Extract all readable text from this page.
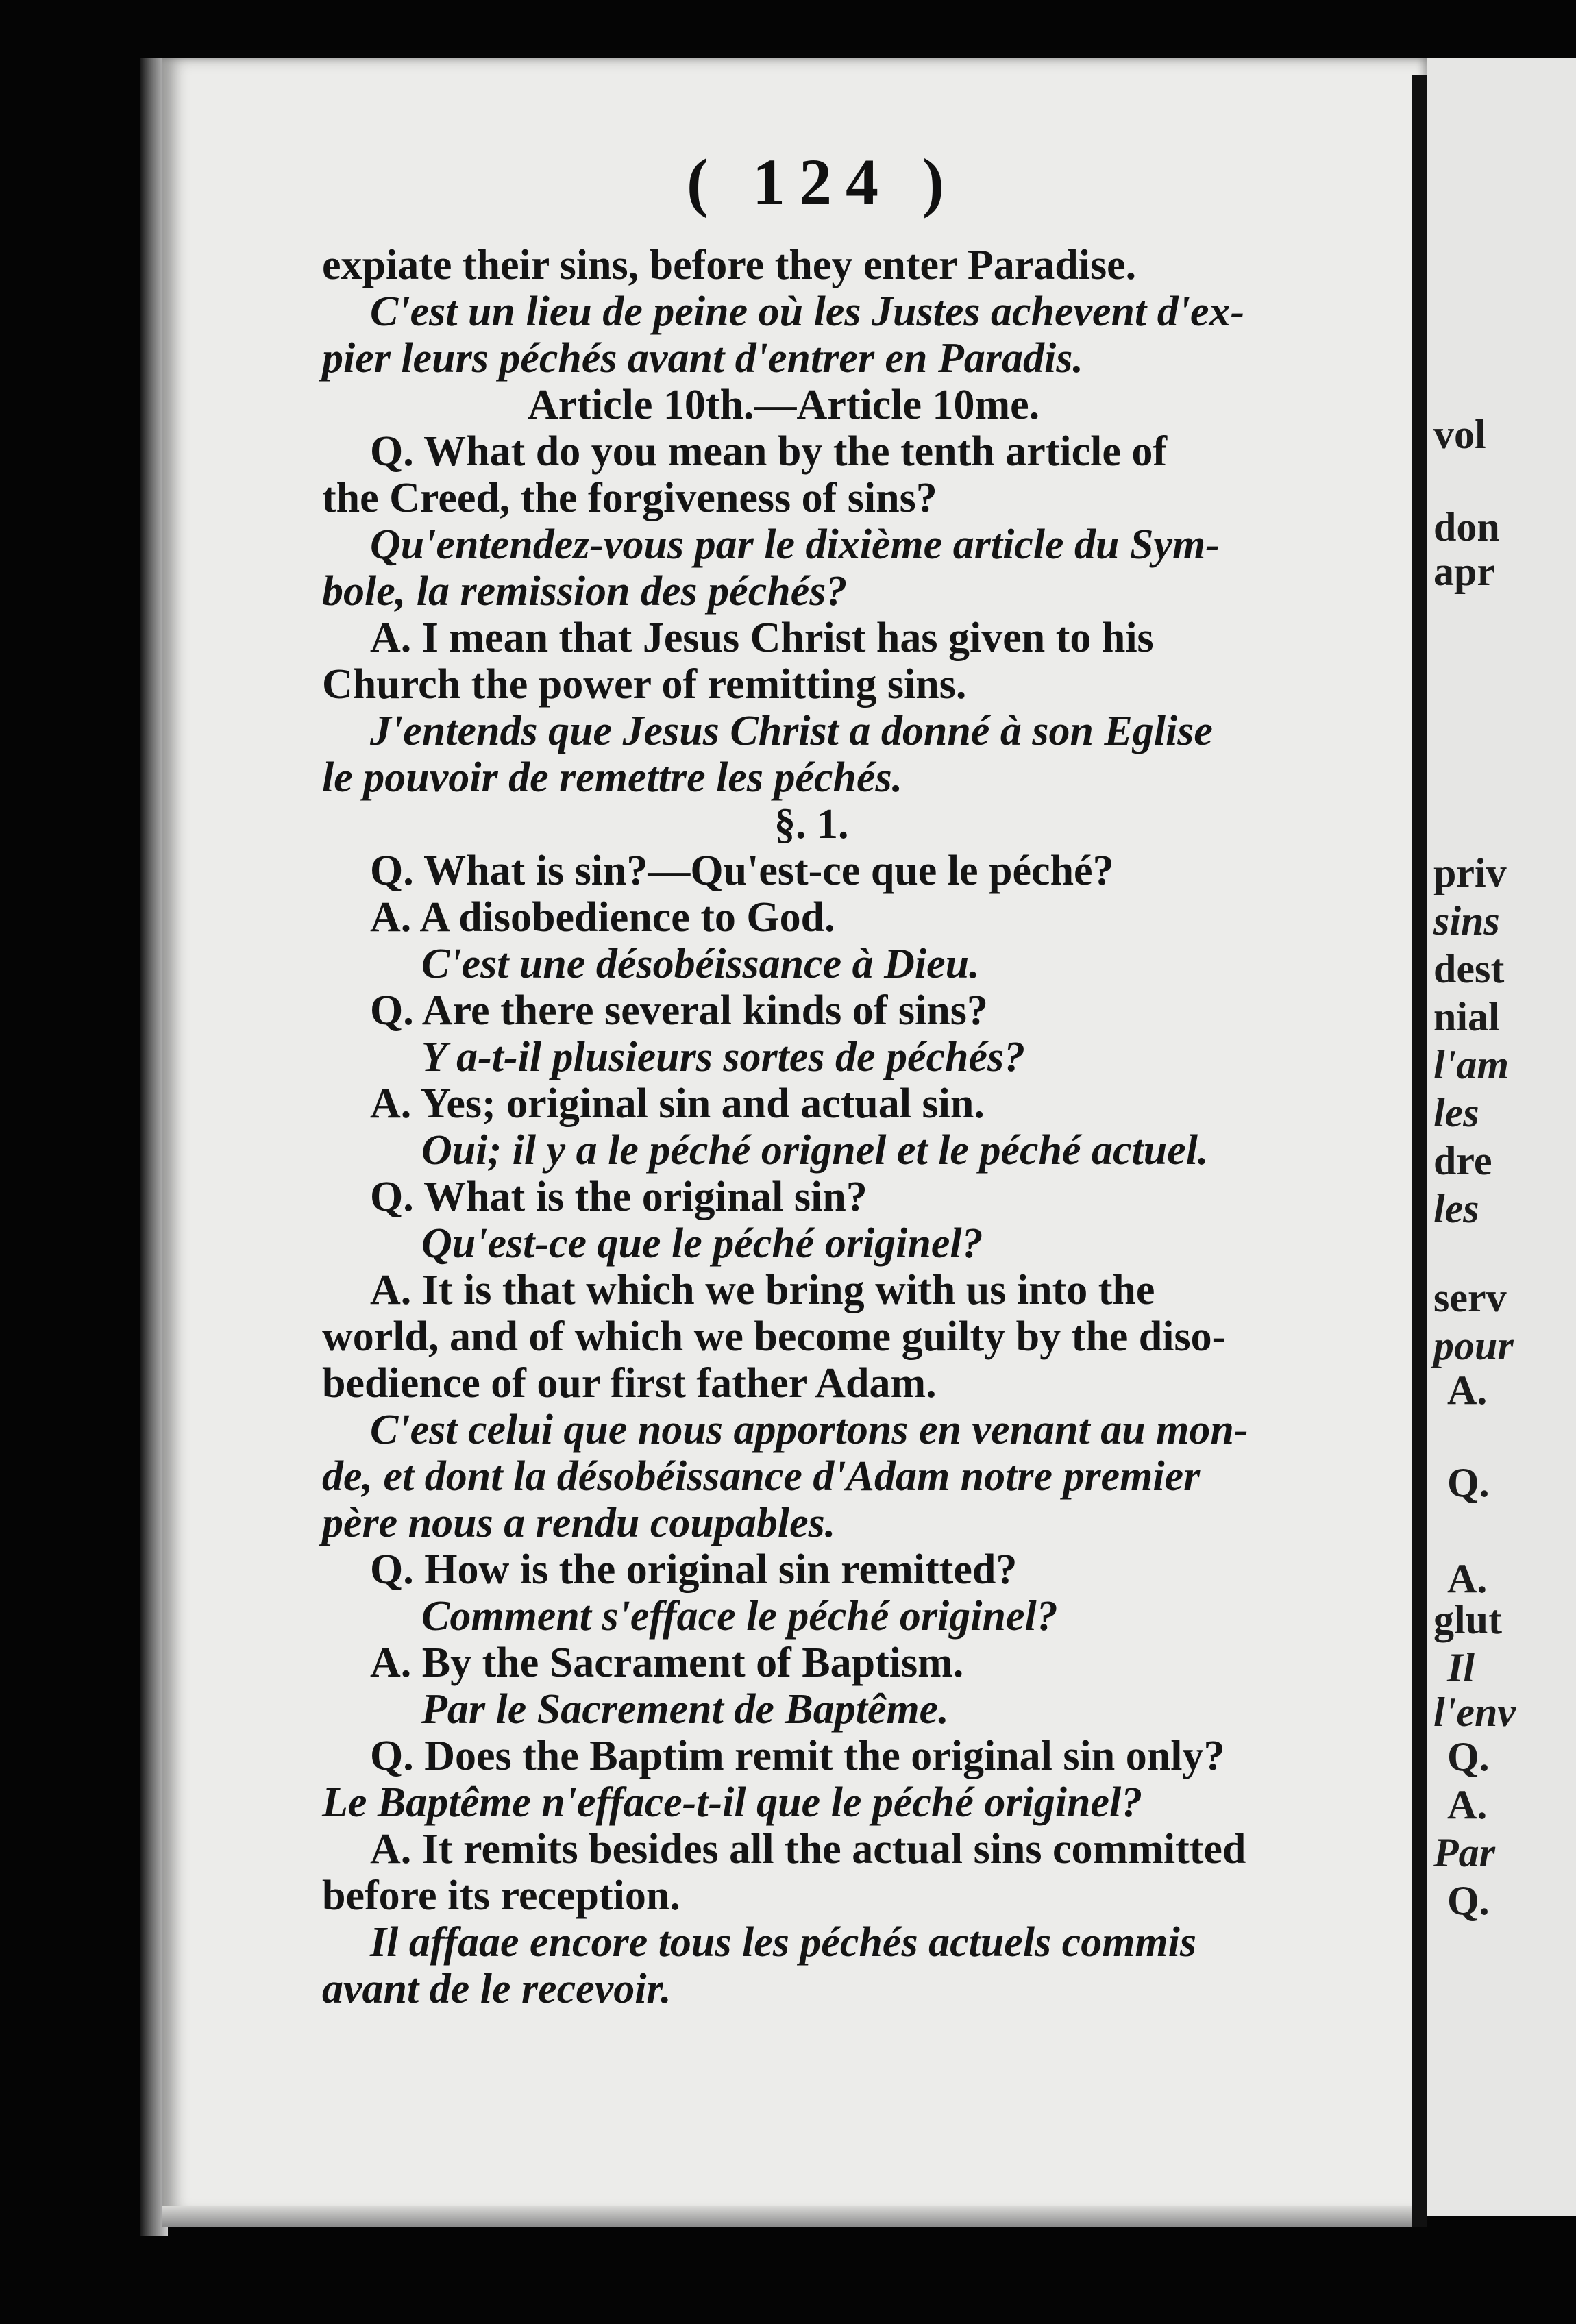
( 124 )
expiate their sins, before they enter Paradise.
C'est un lieu de peine où les Justes achevent d'ex-
pier leurs péchés avant d'entrer en Paradis.
Article 10th.—Article 10me.
Q. What do you mean by the tenth article of
the Creed, the forgiveness of sins?
Qu'entendez-vous par le dixième article du Sym-
bole, la remission des péchés?
A. I mean that Jesus Christ has given to his
Church the power of remitting sins.
J'entends que Jesus Christ a donné à son Eglise
le pouvoir de remettre les péchés.
§. 1.
Q. What is sin?—Qu'est-ce que le péché?
A. A disobedience to God.
C'est une désobéissance à Dieu.
Q. Are there several kinds of sins?
Y a-t-il plusieurs sortes de péchés?
A. Yes; original sin and actual sin.
Oui; il y a le péché orignel et le péché actuel.
Q. What is the original sin?
Qu'est-ce que le péché originel?
A. It is that which we bring with us into the
world, and of which we become guilty by the diso-
bedience of our first father Adam.
C'est celui que nous apportons en venant au mon-
de, et dont la désobéissance d'Adam notre premier
père nous a rendu coupables.
Q. How is the original sin remitted?
Comment s'efface le péché originel?
A. By the Sacrament of Baptism.
Par le Sacrement de Baptême.
Q. Does the Baptim remit the original sin only?
Le Baptême n'efface-t-il que le péché originel?
A. It remits besides all the actual sins committed
before its reception.
Il affaae encore tous les péchés actuels commis
avant de le recevoir.
vol
don
apr
priv
sins
dest
nial
l'am
les
dre
les
serv
pour
A.
Q.
A.
glut
Il
l'env
Q.
A.
Par
Q.
